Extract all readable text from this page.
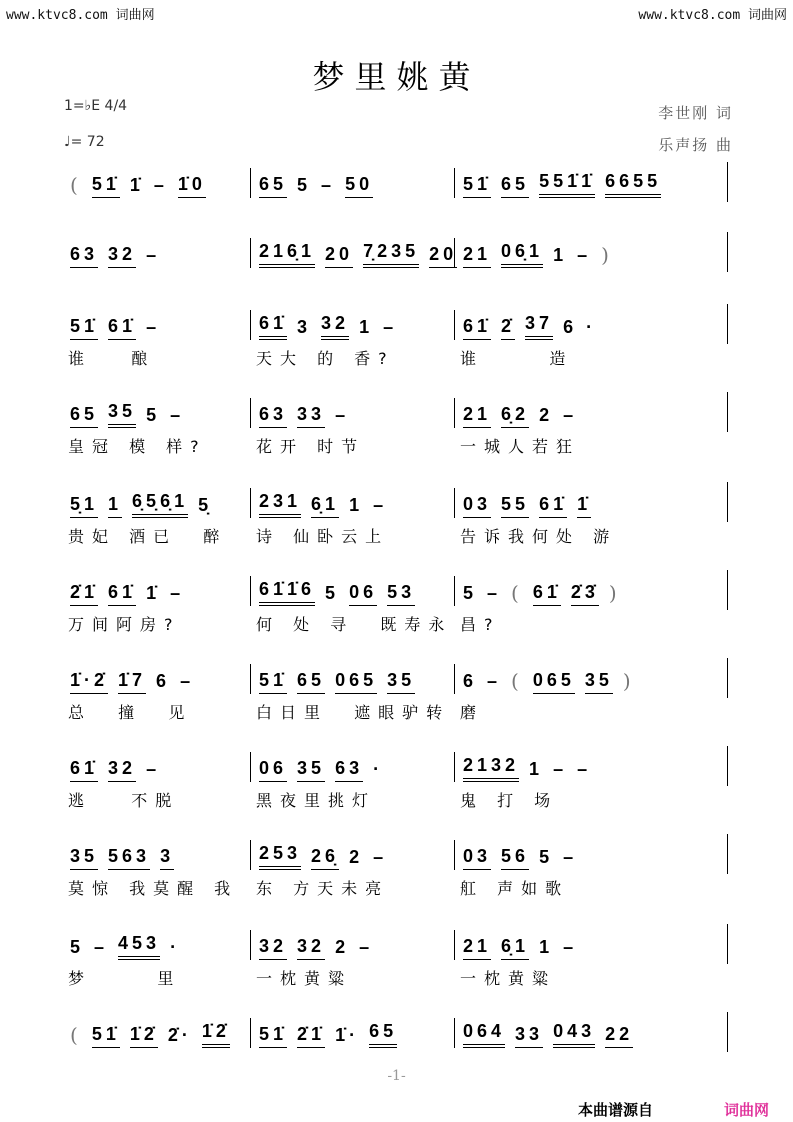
www.ktvc8.com 词曲网	www.ktvc8.com 词曲网
梦里姚黄
1=♭E 4/4
♩= 72
李世刚 词
乐声扬 曲
( 51̇ 1̇ – 1̇0	65 5 – 50	51̇ 65 551̇1̇ 6655
63 32 –	216̣1 20 7̣235 20 21 06̣1 1 – )
51̇ 61̇ –	61̇ 3 32 1 –	61̇ 2̇ 37 6 ·
谁   酿	天大 的 香?	谁     造
65 35 5 –	63 33 –	21 6̣2 2 –
皇冠 模 样?	花开 时节	一城人若狂
5̣1 1 6̣5̣6̣1 5̣	231 6̣1 1 –	03 55 61̇ 1̇
贵妃 酒已  醉 诗 仙卧云上	告诉我何处 游
2̇1̇ 61̇ 1̇ –	61̇1̇6 5 06 53	5 – ( 61̇ 2̇3̇ )
万间阿房?	何 处 寻  既寿永 昌?
1̇·2̇ 1̇7 6 –	51̇ 65 065 35	6 – ( 065 35 )
总  撞  见	白日里  遮眼驴转 磨
61̇ 32 –	06 35 63 ·	2132 1 – –
逃   不脱	黑夜里挑灯	鬼 打 场
35 563 3	253 26̣ 2 –	03 56 5 –
莫惊 我莫醒 我 东 方天未亮	舡 声如歌
5 – 453 ·	32 32 2 –	21 6̣1 1 –
梦     里	一枕黄粱	一枕黄粱
( 51̇ 1̇2̇ 2̇· 1̇2̇ 51̇ 2̇1̇ 1̇· 65	064 33 043 22
-1-
本曲谱源自	词曲网
